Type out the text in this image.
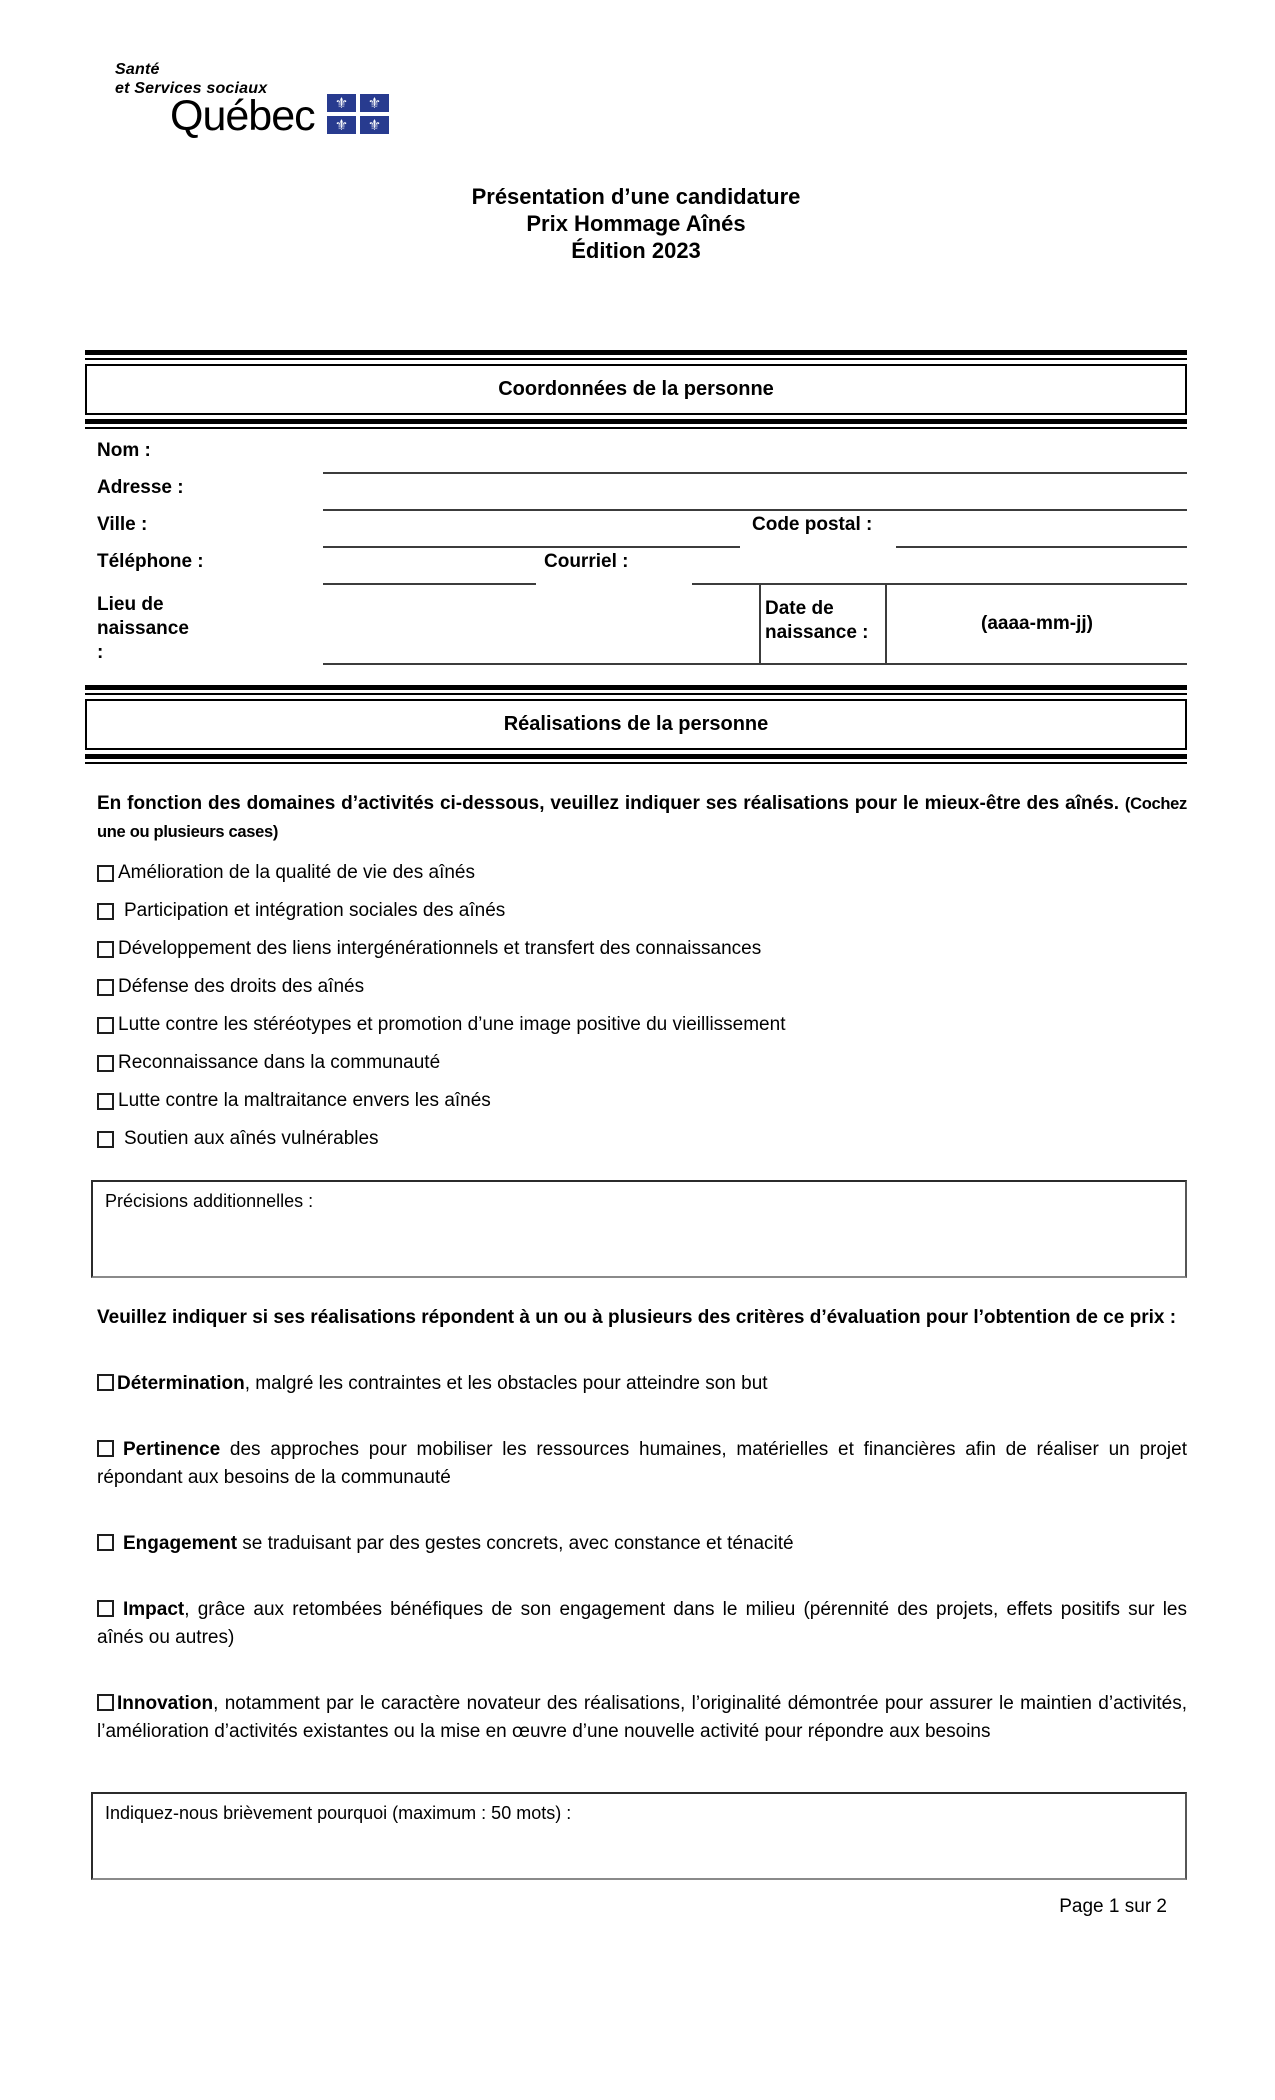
Santé
et Services sociaux
Québec ⚜ ⚜
⚜ ⚜
Présentation d’une candidature
Prix Hommage Aînés
Édition 2023
Coordonnées de la personne
Nom :
Adresse :
Ville :	Code postal :
Téléphone :	Courriel :
Lieu de naissance :
Date de naissance :	(aaaa-mm-jj)
Réalisations de la personne

En fonction des domaines d’activités ci-dessous, veuillez indiquer ses réalisations pour le mieux-être des aînés. (Cochez une ou plusieurs cases)

Amélioration de la qualité de vie des aînés
Participation et intégration sociales des aînés
Développement des liens intergénérationnels et transfert des connaissances
Défense des droits des aînés
Lutte contre les stéréotypes et promotion d’une image positive du vieillissement
Reconnaissance dans la communauté
Lutte contre la maltraitance envers les aînés
Soutien aux aînés vulnérables
Précisions additionnelles :

Veuillez indiquer si ses réalisations répondent à un ou à plusieurs des critères d’évaluation pour l’obtention de ce prix :

Détermination, malgré les contraintes et les obstacles pour atteindre son but

Pertinence des approches pour mobiliser les ressources humaines, matérielles et financières afin de réaliser un projet répondant aux besoins de la communauté

Engagement se traduisant par des gestes concrets, avec constance et ténacité

Impact, grâce aux retombées bénéfiques de son engagement dans le milieu (pérennité des projets, effets positifs sur les aînés ou autres)

Innovation, notamment par le caractère novateur des réalisations, l’originalité démontrée pour assurer le maintien d’activités, l’amélioration d’activités existantes ou la mise en œuvre d’une nouvelle activité pour répondre aux besoins

Indiquez-nous brièvement pourquoi (maximum : 50 mots) :
Page 1 sur 2
